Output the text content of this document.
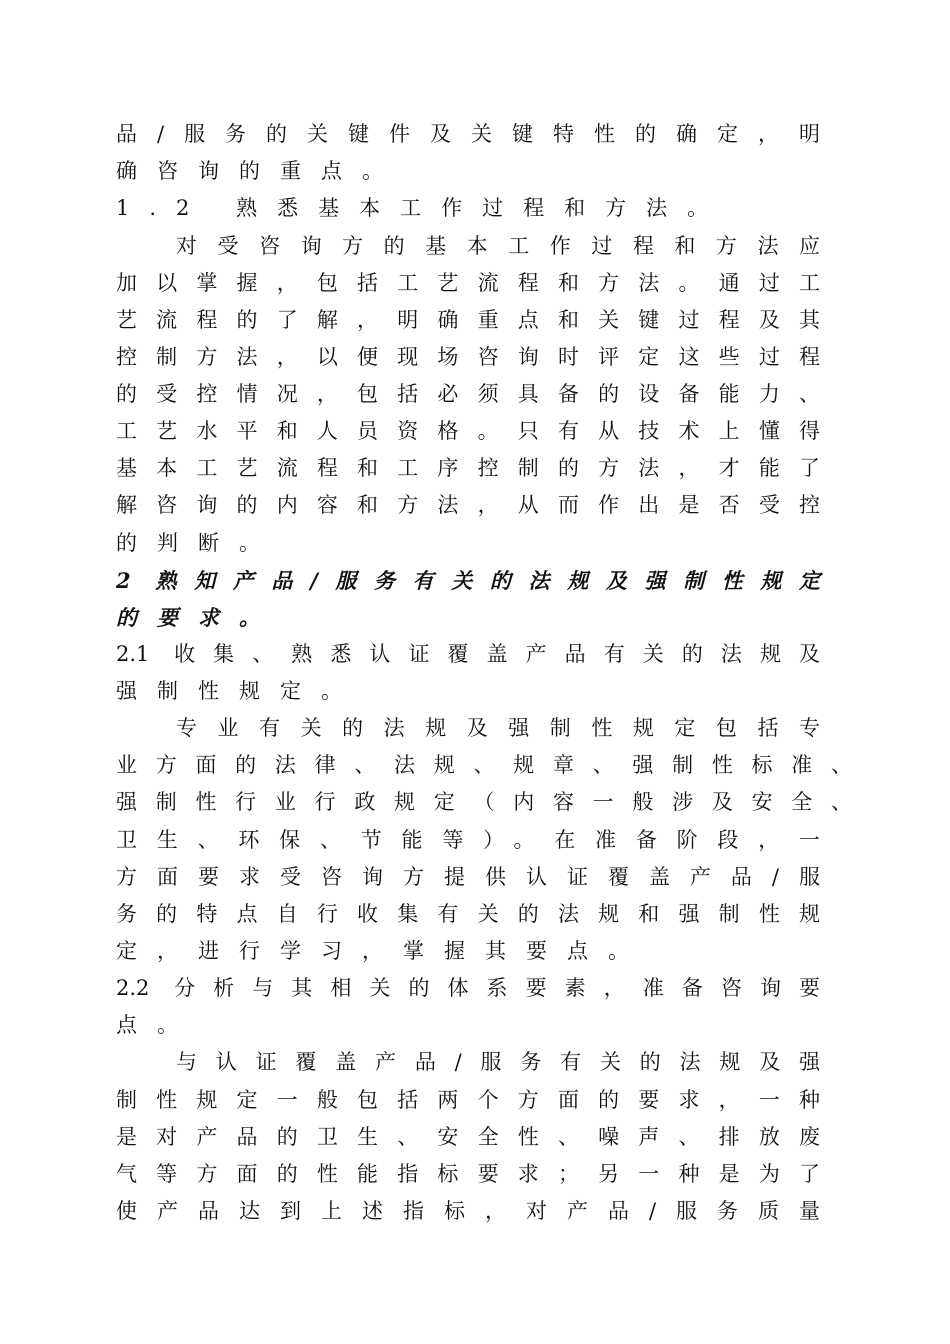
品/服务的关键件及关键特性的确定，明
确咨询的重点。
1.2 熟悉基本工作过程和方法。
对受咨询方的基本工作过程和方法应
加以掌握，包括工艺流程和方法。通过工
艺流程的了解，明确重点和关键过程及其
控制方法，以便现场咨询时评定这些过程
的受控情况，包括必须具备的设备能力、
工艺水平和人员资格。只有从技术上懂得
基本工艺流程和工序控制的方法，才能了
解咨询的内容和方法，从而作出是否受控
的判断。
2 熟知产品/服务有关的法规及强制性规定
的要求。
2.1 收集、熟悉认证覆盖产品有关的法规及
强制性规定。
专业有关的法规及强制性规定包括专
业方面的法律、法规、规章、强制性标准、
强制性行业行政规定（内容一般涉及安全、
卫生、环保、节能等）。在准备阶段，一
方面要求受咨询方提供认证覆盖产品/服
务的特点自行收集有关的法规和强制性规
定，进行学习，掌握其要点。
2.2 分析与其相关的体系要素，准备咨询要
点。
与认证覆盖产品/服务有关的法规及强
制性规定一般包括两个方面的要求，一种
是对产品的卫生、安全性、噪声、排放废
气等方面的性能指标要求；另一种是为了
使产品达到上述指标，对产品/服务质量
